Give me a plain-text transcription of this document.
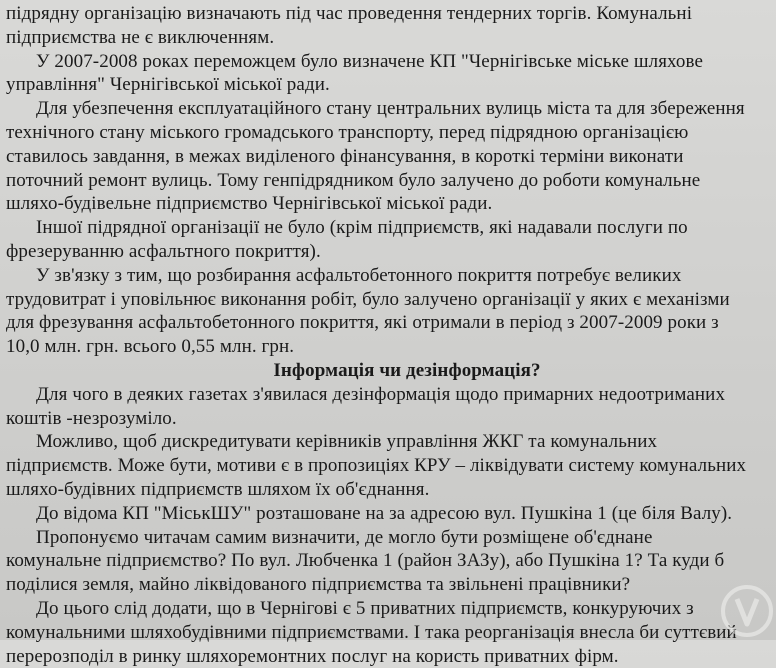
підрядну організацію визначають під час проведення тендерних торгів. Комунальні
підприємства не є виключенням.
У 2007-2008 роках переможцем було визначене КП "Чернігівське міське шляхове
управління" Чернігівської міської ради.
Для убезпечення експлуатаційного стану центральних вулиць міста та для збереження
технічного стану міського громадського транспорту, перед підрядною організацією
ставилось завдання, в межах виділеного фінансування, в короткі терміни виконати
поточний ремонт вулиць. Тому генпідрядником було залучено до роботи комунальне
шляхо-будівельне підприємство Чернігівської міської ради.
Іншої підрядної організації не було (крім підприємств, які надавали послуги по
фрезеруванню асфальтного покриття).
У зв'язку з тим, що розбирання асфальтобетонного покриття потребує великих
трудовитрат і уповільнює виконання робіт, було залучено організації у яких є механізми
для фрезування асфальтобетонного покриття, які отримали в період з 2007-2009 роки з
10,0 млн. грн. всього 0,55 млн. грн.
Інформація чи дезінформація?
Для чого в деяких газетах з'явилася дезінформація щодо примарних недоотриманих
коштів -незрозуміло.
Можливо, щоб дискредитувати керівників управління ЖКГ та комунальних
підприємств. Може бути, мотиви є в пропозиціях КРУ – ліквідувати систему комунальних
шляхо-будівних підприємств шляхом їх об'єднання.
До відома КП "МіськШУ" розташоване на за адресою вул. Пушкіна 1 (це біля Валу).
Пропонуємо читачам самим визначити, де могло бути розміщене об'єднане
комунальне підприємство? По вул. Любченка 1 (район ЗАЗу), або Пушкіна 1? Та куди б
поділися земля, майно ліквідованого підприємства та звільнені працівники?
До цього слід додати, що в Чернігові є 5 приватних підприємств, конкуруючих з
комунальними шляхобудівними підприємствами. І така реорганізація внесла би суттєвий
перерозподіл в ринку шляхоремонтних послуг на користь приватних фірм.
